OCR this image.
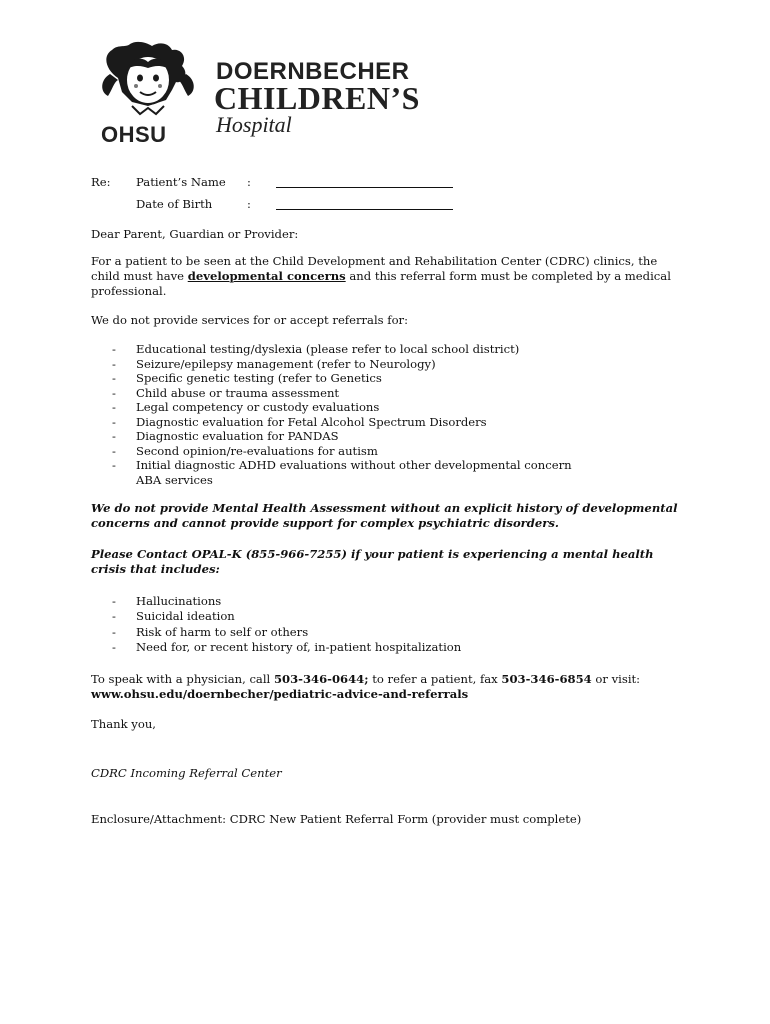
OHSU
DOERNBECHER
CHILDREN’S
Hospital
Re: Patient’s Name :
Date of Birth	:

Dear Parent, Guardian or Provider:

For a patient to be seen at the Child Development and Rehabilitation Center (CDRC) clinics, the child must have developmental concerns and this referral form must be completed by a medical professional.

We do not provide services for or accept referrals for:

- Educational testing/dyslexia (please refer to local school district)
- Seizure/epilepsy management (refer to Neurology)
- Specific genetic testing (refer to Genetics
- Child abuse or trauma assessment
- Legal competency or custody evaluations
- Diagnostic evaluation for Fetal Alcohol Spectrum Disorders
- Diagnostic evaluation for PANDAS
- Second opinion/re-evaluations for autism
- Initial diagnostic ADHD evaluations without other developmental concern
ABA services

We do not provide Mental Health Assessment without an explicit history of developmental concerns and cannot provide support for complex psychiatric disorders.

Please Contact OPAL-K (855-966-7255) if your patient is experiencing a mental health crisis that includes:

- Hallucinations
- Suicidal ideation
- Risk of harm to self or others
- Need for, or recent history of, in-patient hospitalization

To speak with a physician, call 503-346-0644; to refer a patient, fax 503-346-6854 or visit:

www.ohsu.edu/doernbecher/pediatric-advice-and-referrals

Thank you,

CDRC Incoming Referral Center

Enclosure/Attachment: CDRC New Patient Referral Form (provider must complete)
